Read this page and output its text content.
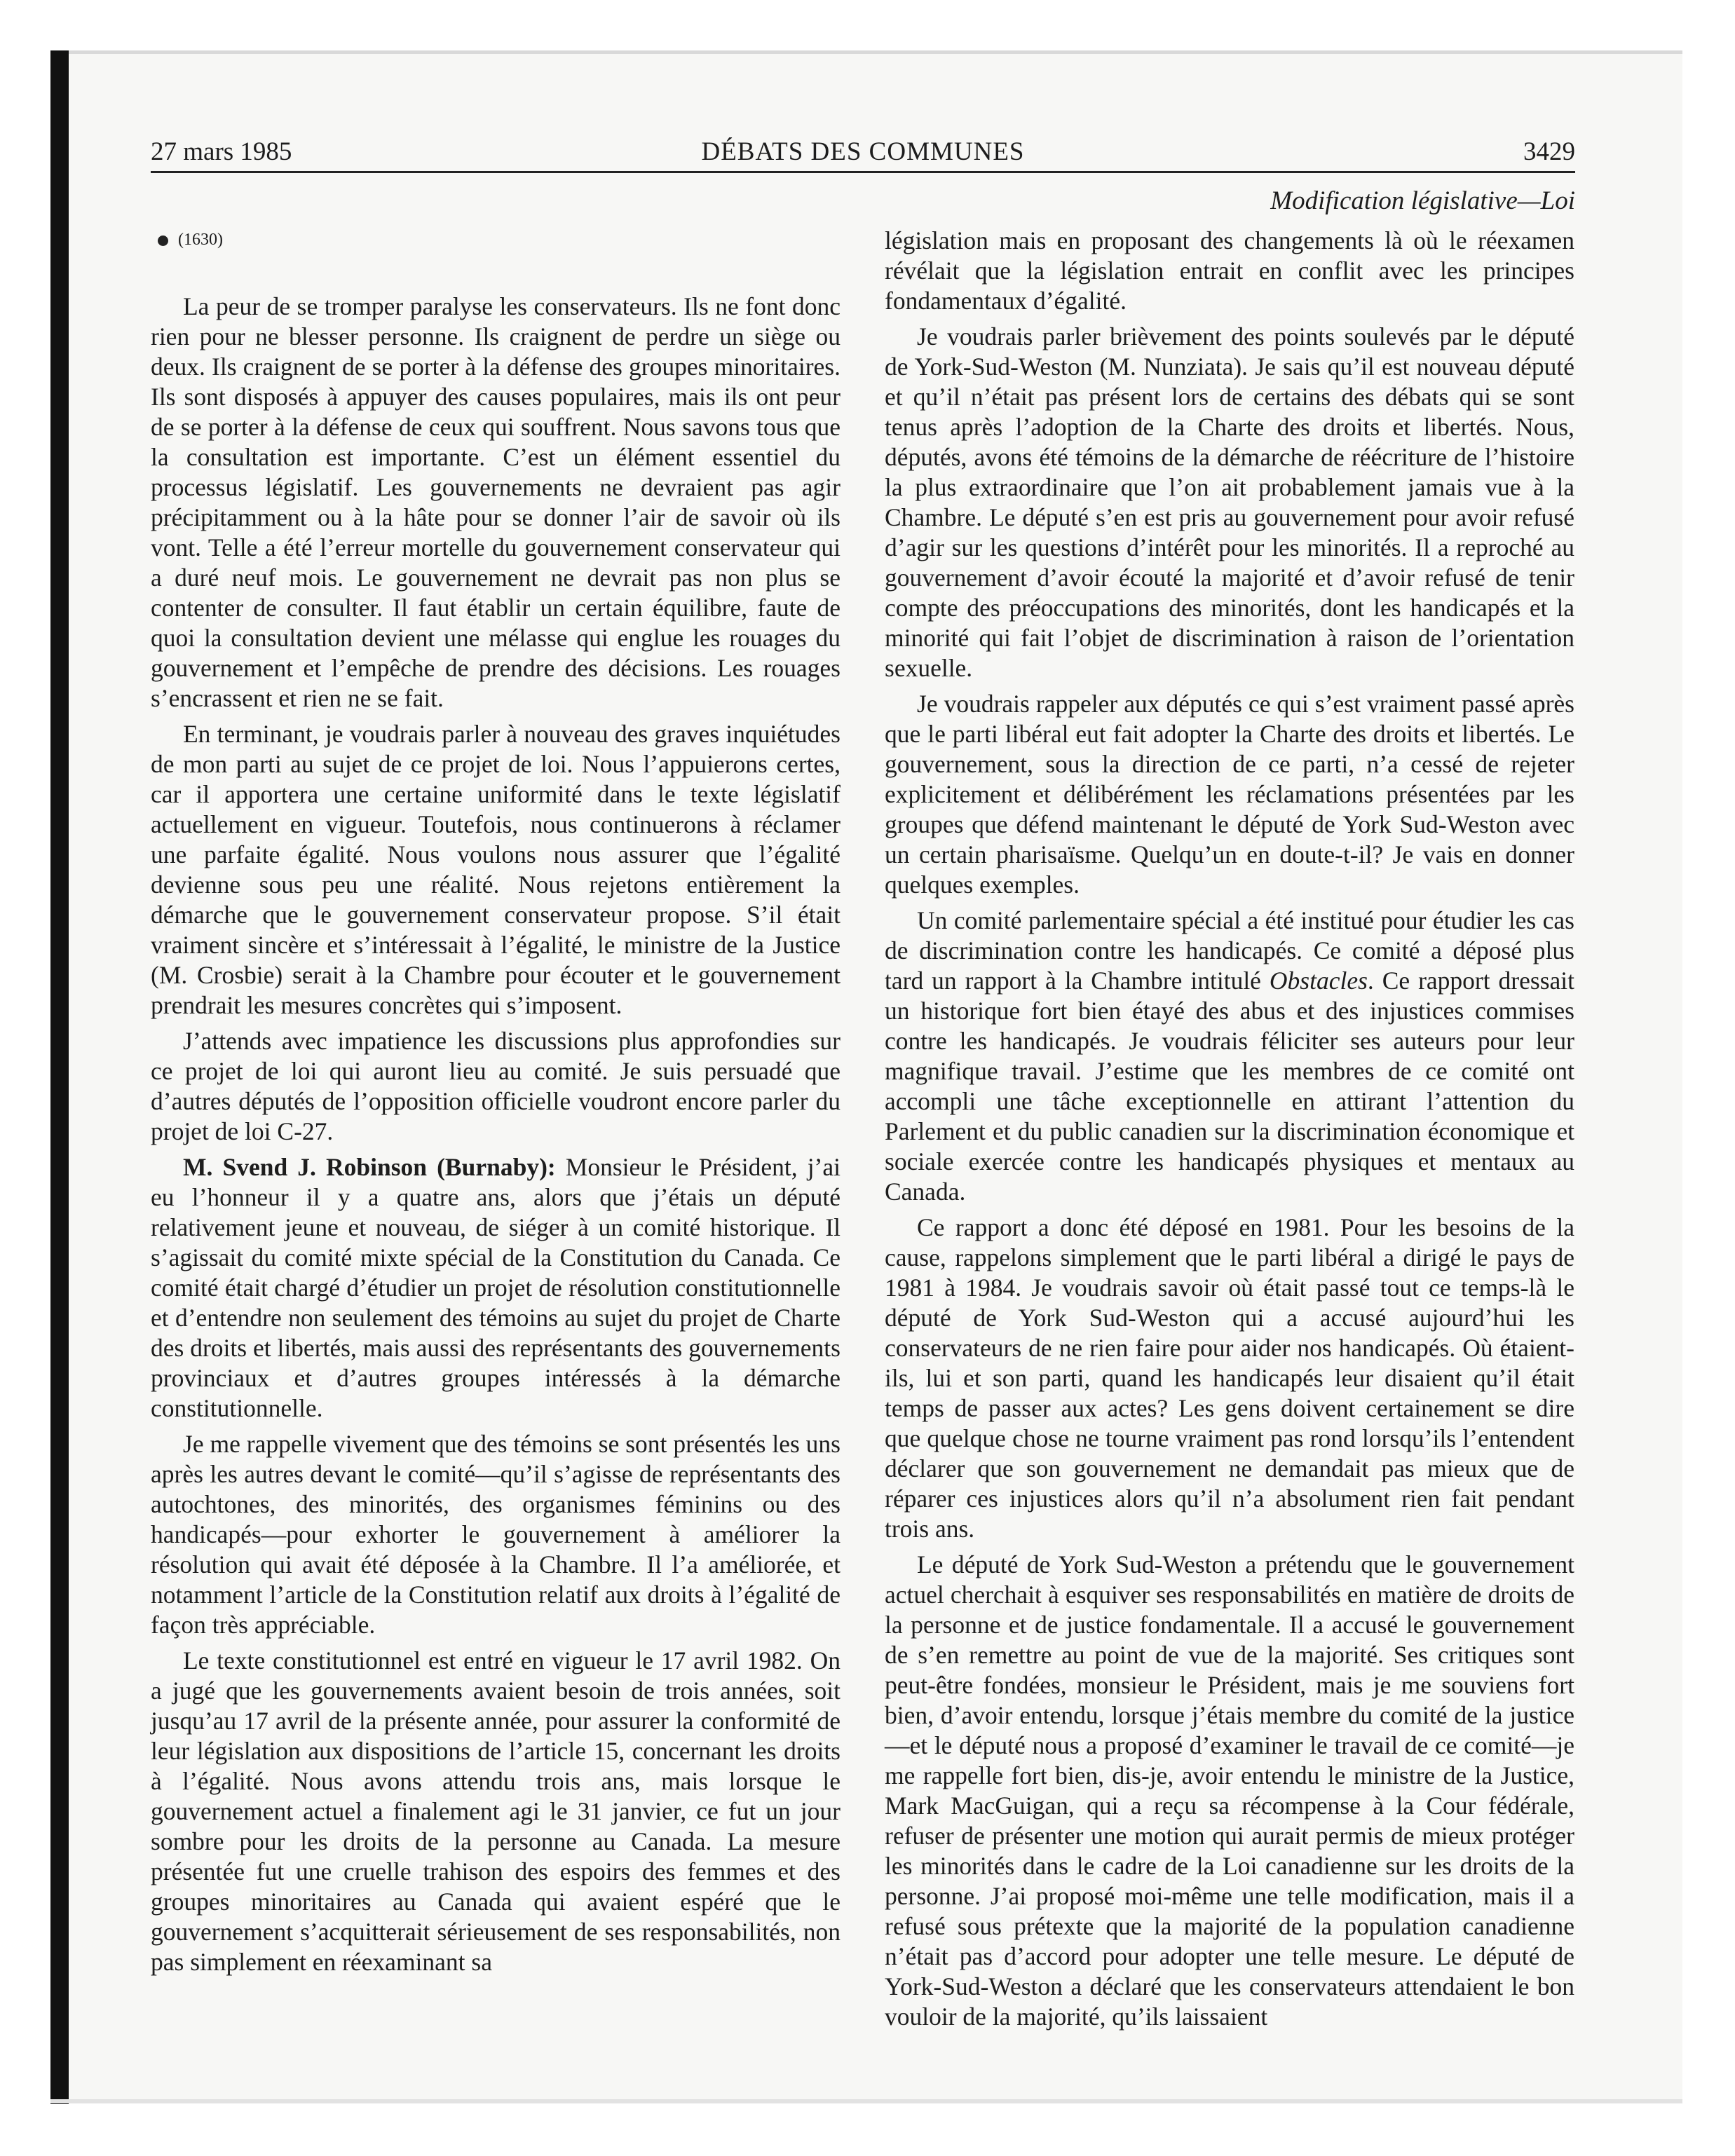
DÉBATS DES COMMUNES
27 mars 1985	3429
Modification législative—Loi
(1630)

La peur de se tromper paralyse les conservateurs. Ils ne font donc rien pour ne blesser personne. Ils craignent de perdre un siège ou deux. Ils craignent de se porter à la défense des groupes minoritaires. Ils sont disposés à appuyer des causes populaires, mais ils ont peur de se porter à la défense de ceux qui souffrent. Nous savons tous que la consultation est importante. C’est un élément essentiel du processus législatif. Les gouvernements ne devraient pas agir précipitamment ou à la hâte pour se donner l’air de savoir où ils vont. Telle a été l’erreur mortelle du gouvernement conservateur qui a duré neuf mois. Le gouvernement ne devrait pas non plus se contenter de consulter. Il faut établir un certain équilibre, faute de quoi la consultation devient une mélasse qui englue les rouages du gouvernement et l’empêche de prendre des décisions. Les rouages s’encrassent et rien ne se fait.

En terminant, je voudrais parler à nouveau des graves inquiétudes de mon parti au sujet de ce projet de loi. Nous l’appuierons certes, car il apportera une certaine uniformité dans le texte législatif actuellement en vigueur. Toutefois, nous continuerons à réclamer une parfaite égalité. Nous voulons nous assurer que l’égalité devienne sous peu une réalité. Nous rejetons entièrement la démarche que le gouvernement conservateur propose. S’il était vraiment sincère et s’intéressait à l’égalité, le ministre de la Justice (M. Crosbie) serait à la Chambre pour écouter et le gouvernement prendrait les mesures concrètes qui s’imposent.

J’attends avec impatience les discussions plus approfondies sur ce projet de loi qui auront lieu au comité. Je suis persuadé que d’autres députés de l’opposition officielle voudront encore parler du projet de loi C-27.

M. Svend J. Robinson (Burnaby): Monsieur le Président, j’ai eu l’honneur il y a quatre ans, alors que j’étais un député relativement jeune et nouveau, de siéger à un comité historique. Il s’agissait du comité mixte spécial de la Constitution du Canada. Ce comité était chargé d’étudier un projet de résolution constitutionnelle et d’entendre non seulement des témoins au sujet du projet de Charte des droits et libertés, mais aussi des représentants des gouvernements provinciaux et d’autres groupes intéressés à la démarche constitutionnelle.

Je me rappelle vivement que des témoins se sont présentés les uns après les autres devant le comité—qu’il s’agisse de représentants des autochtones, des minorités, des organismes féminins ou des handicapés—pour exhorter le gouvernement à améliorer la résolution qui avait été déposée à la Chambre. Il l’a améliorée, et notamment l’article de la Constitution relatif aux droits à l’égalité de façon très appréciable.

Le texte constitutionnel est entré en vigueur le 17 avril 1982. On a jugé que les gouvernements avaient besoin de trois années, soit jusqu’au 17 avril de la présente année, pour assurer la conformité de leur législation aux dispositions de l’article 15, concernant les droits à l’égalité. Nous avons attendu trois ans, mais lorsque le gouvernement actuel a finalement agi le 31 janvier, ce fut un jour sombre pour les droits de la personne au Canada. La mesure présentée fut une cruelle trahison des espoirs des femmes et des groupes minoritaires au Canada qui avaient espéré que le gouvernement s’acquitterait sérieusement de ses responsabilités, non pas simplement en réexaminant sa

législation mais en proposant des changements là où le réexamen révélait que la législation entrait en conflit avec les principes fondamentaux d’égalité.

Je voudrais parler brièvement des points soulevés par le député de York-Sud-Weston (M. Nunziata). Je sais qu’il est nouveau député et qu’il n’était pas présent lors de certains des débats qui se sont tenus après l’adoption de la Charte des droits et libertés. Nous, députés, avons été témoins de la démarche de réécriture de l’histoire la plus extraordinaire que l’on ait probablement jamais vue à la Chambre. Le député s’en est pris au gouvernement pour avoir refusé d’agir sur les questions d’intérêt pour les minorités. Il a reproché au gouvernement d’avoir écouté la majorité et d’avoir refusé de tenir compte des préoccupations des minorités, dont les handicapés et la minorité qui fait l’objet de discrimination à raison de l’orientation sexuelle.

Je voudrais rappeler aux députés ce qui s’est vraiment passé après que le parti libéral eut fait adopter la Charte des droits et libertés. Le gouvernement, sous la direction de ce parti, n’a cessé de rejeter explicitement et délibérément les réclamations présentées par les groupes que défend maintenant le député de York Sud-Weston avec un certain pharisaïsme. Quelqu’un en doute-t-il? Je vais en donner quelques exemples.

Un comité parlementaire spécial a été institué pour étudier les cas de discrimination contre les handicapés. Ce comité a déposé plus tard un rapport à la Chambre intitulé Obstacles. Ce rapport dressait un historique fort bien étayé des abus et des injustices commises contre les handicapés. Je voudrais féliciter ses auteurs pour leur magnifique travail. J’estime que les membres de ce comité ont accompli une tâche exceptionnelle en attirant l’attention du Parlement et du public canadien sur la discrimination économique et sociale exercée contre les handicapés physiques et mentaux au Canada.

Ce rapport a donc été déposé en 1981. Pour les besoins de la cause, rappelons simplement que le parti libéral a dirigé le pays de 1981 à 1984. Je voudrais savoir où était passé tout ce temps-là le député de York Sud-Weston qui a accusé aujourd’hui les conservateurs de ne rien faire pour aider nos handicapés. Où étaient-ils, lui et son parti, quand les handicapés leur disaient qu’il était temps de passer aux actes? Les gens doivent certainement se dire que quelque chose ne tourne vraiment pas rond lorsqu’ils l’entendent déclarer que son gouvernement ne demandait pas mieux que de réparer ces injustices alors qu’il n’a absolument rien fait pendant trois ans.

Le député de York Sud-Weston a prétendu que le gouvernement actuel cherchait à esquiver ses responsabilités en matière de droits de la personne et de justice fondamentale. Il a accusé le gouvernement de s’en remettre au point de vue de la majorité. Ses critiques sont peut-être fondées, monsieur le Président, mais je me souviens fort bien, d’avoir entendu, lorsque j’étais membre du comité de la justice—et le député nous a proposé d’examiner le travail de ce comité—je me rappelle fort bien, dis-je, avoir entendu le ministre de la Justice, Mark MacGuigan, qui a reçu sa récompense à la Cour fédérale, refuser de présenter une motion qui aurait permis de mieux protéger les minorités dans le cadre de la Loi canadienne sur les droits de la personne. J’ai proposé moi-même une telle modification, mais il a refusé sous prétexte que la majorité de la population canadienne n’était pas d’accord pour adopter une telle mesure. Le député de York-Sud-Weston a déclaré que les conservateurs attendaient le bon vouloir de la majorité, qu’ils laissaient
